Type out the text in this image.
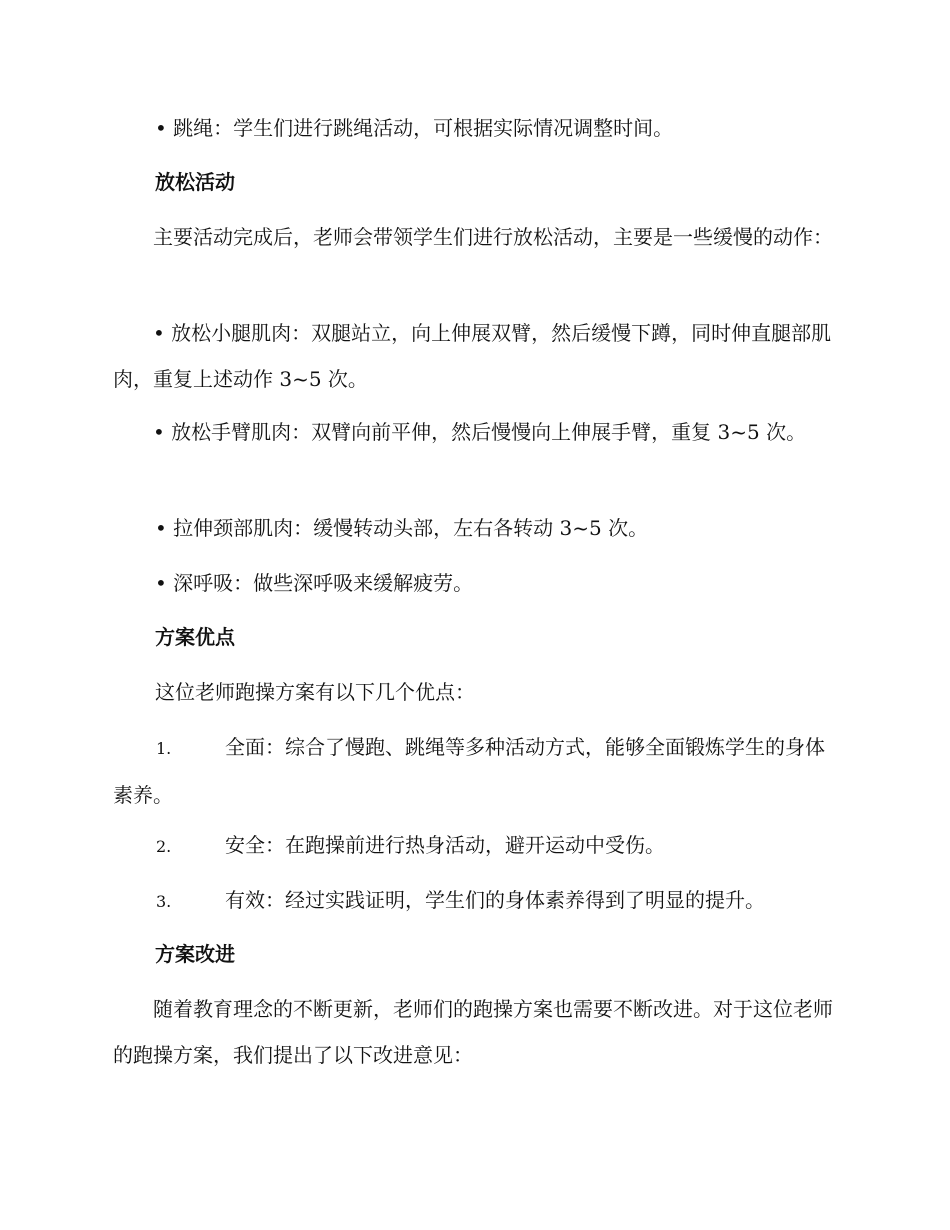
• 跳绳：学生们进行跳绳活动，可根据实际情况调整时间。

放松活动

主要活动完成后，老师会带领学生们进行放松活动，主要是一些缓慢的动作：

• 放松小腿肌肉：双腿站立，向上伸展双臂，然后缓慢下蹲，同时伸直腿部肌肉，重复上述动作 3~5 次。

• 放松手臂肌肉：双臂向前平伸，然后慢慢向上伸展手臂，重复 3~5 次。

• 拉伸颈部肌肉：缓慢转动头部，左右各转动 3~5 次。

• 深呼吸：做些深呼吸来缓解疲劳。

方案优点

这位老师跑操方案有以下几个优点：

1.	全面：综合了慢跑、跳绳等多种活动方式，能够全面锻炼学生的身体素养。

2.	安全：在跑操前进行热身活动，避开运动中受伤。

3.	有效：经过实践证明，学生们的身体素养得到了明显的提升。

方案改进

随着教育理念的不断更新，老师们的跑操方案也需要不断改进。对于这位老师的跑操方案，我们提出了以下改进意见：
